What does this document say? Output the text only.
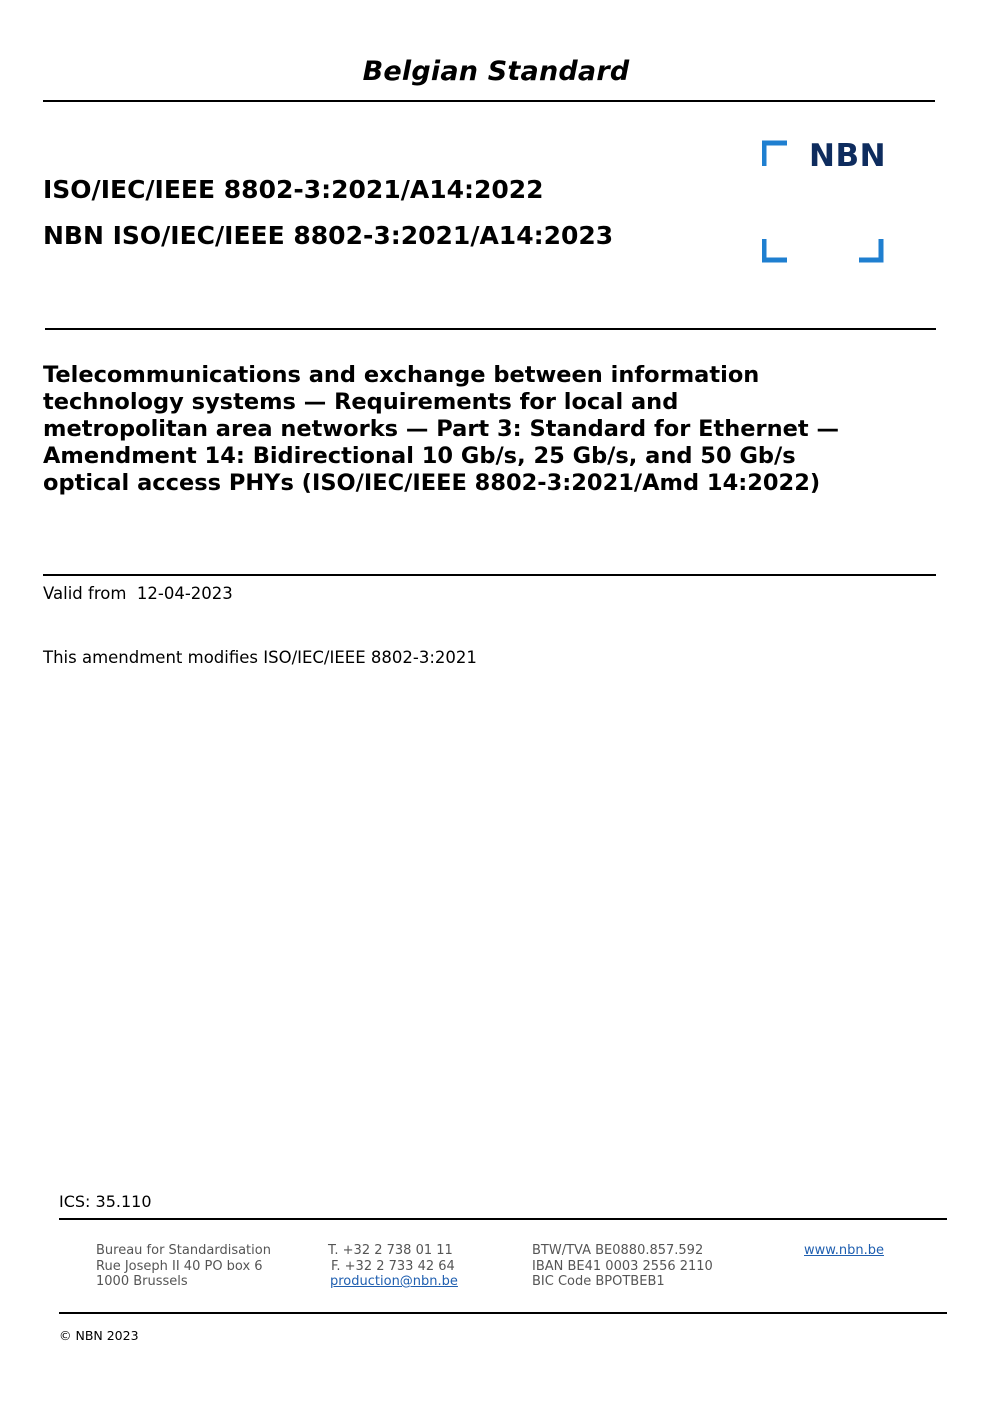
Belgian Standard
ISO/IEC/IEEE 8802-3:2021/A14:2022
NBN ISO/IEC/IEEE 8802-3:2021/A14:2023
NBN
Telecommunications and exchange between information
technology systems — Requirements for local and
metropolitan area networks — Part 3: Standard for Ethernet —
Amendment 14: Bidirectional 10 Gb/s, 25 Gb/s, and 50 Gb/s
optical access PHYs (ISO/IEC/IEEE 8802-3:2021/Amd 14:2022)
Valid from 12-04-2023
This amendment modifies ISO/IEC/IEEE 8802-3:2021
ICS: 35.110
Bureau for Standardisation
Rue Joseph II 40 PO box 6
1000 Brussels
T. +32 2 738 01 11
F. +32 2 733 42 64
production@nbn.be
BTW/TVA BE0880.857.592
IBAN BE41 0003 2556 2110
BIC Code BPOTBEB1
www.nbn.be
© NBN 2023
